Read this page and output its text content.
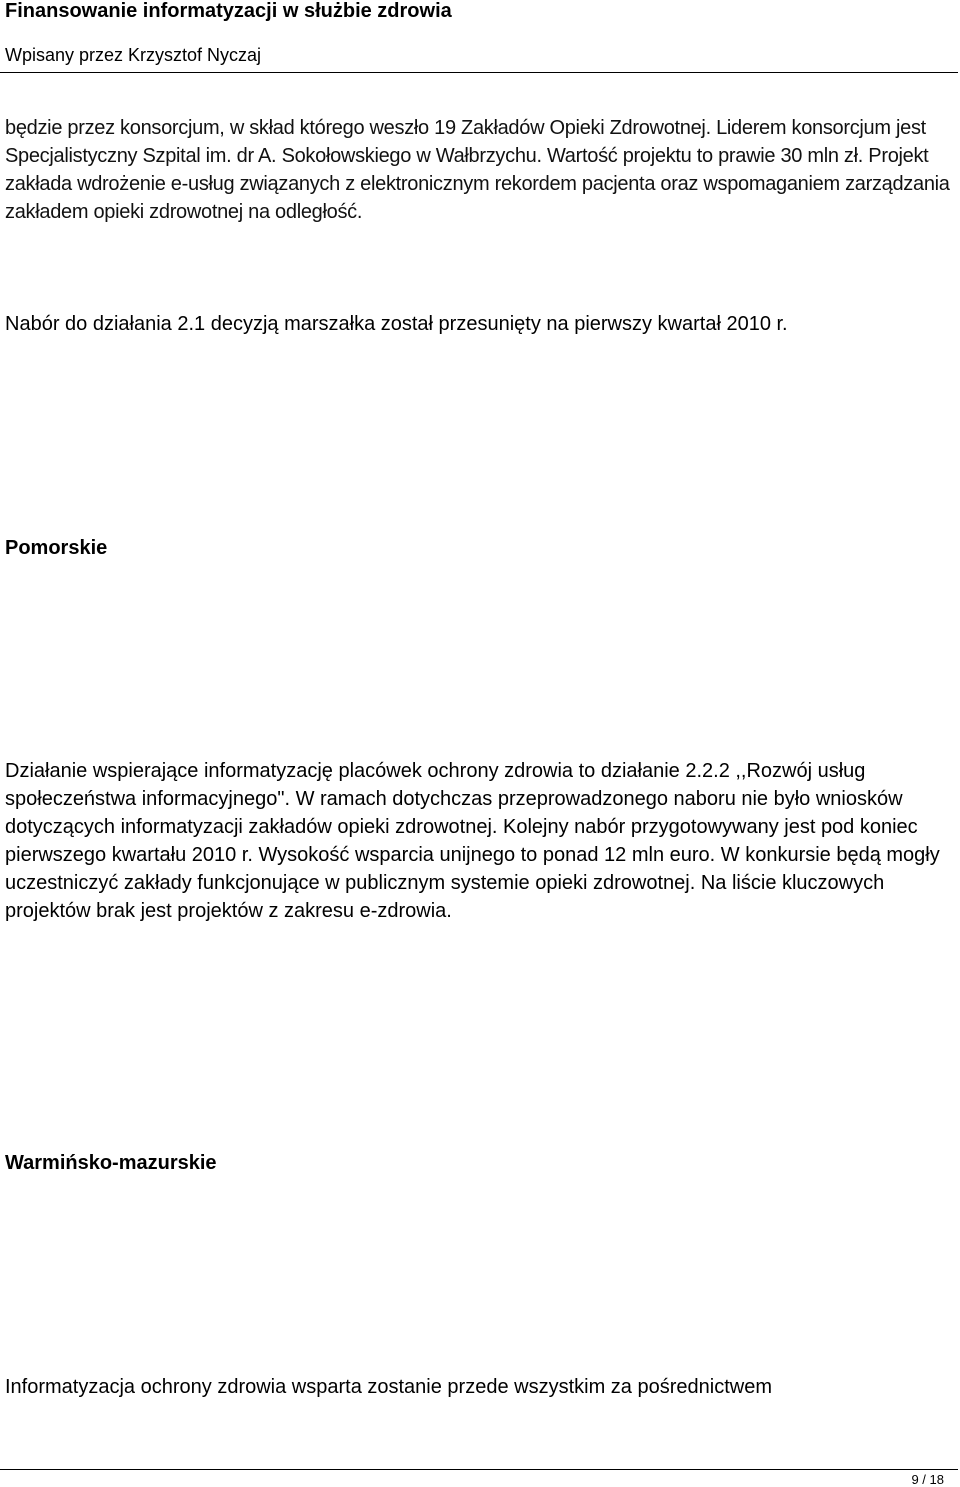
Finansowanie informatyzacji w służbie zdrowia
Wpisany przez Krzysztof Nyczaj

będzie przez konsorcjum, w skład którego weszło 19 Zakładów Opieki Zdrowotnej. Liderem konsorcjum jest Specjalistyczny Szpital im. dr A. Sokołowskiego w Wałbrzychu. Wartość projektu to prawie 30 mln zł. Projekt zakłada wdrożenie e-usług związanych z elektronicznym rekordem pacjenta oraz wspomaganiem zarządzania zakładem opieki zdrowotnej na odległość.

Nabór do działania 2.1 decyzją marszałka został przesunięty na pierwszy kwartał 2010 r.

Pomorskie

Działanie wspierające informatyzację placówek ochrony zdrowia to działanie 2.2.2 ,,Rozwój usług społeczeństwa informacyjnego". W ramach dotychczas przeprowadzonego naboru nie było wniosków dotyczących informatyzacji zakładów opieki zdrowotnej. Kolejny nabór przygotowywany jest pod koniec pierwszego kwartału 2010 r. Wysokość wsparcia unijnego to ponad 12 mln euro. W konkursie będą mogły uczestniczyć zakłady funkcjonujące w publicznym systemie opieki zdrowotnej. Na liście kluczowych projektów brak jest projektów z zakresu e-zdrowia.

Warmińsko-mazurskie

Informatyzacja ochrony zdrowia wsparta zostanie przede wszystkim za pośrednictwem

9 / 18
